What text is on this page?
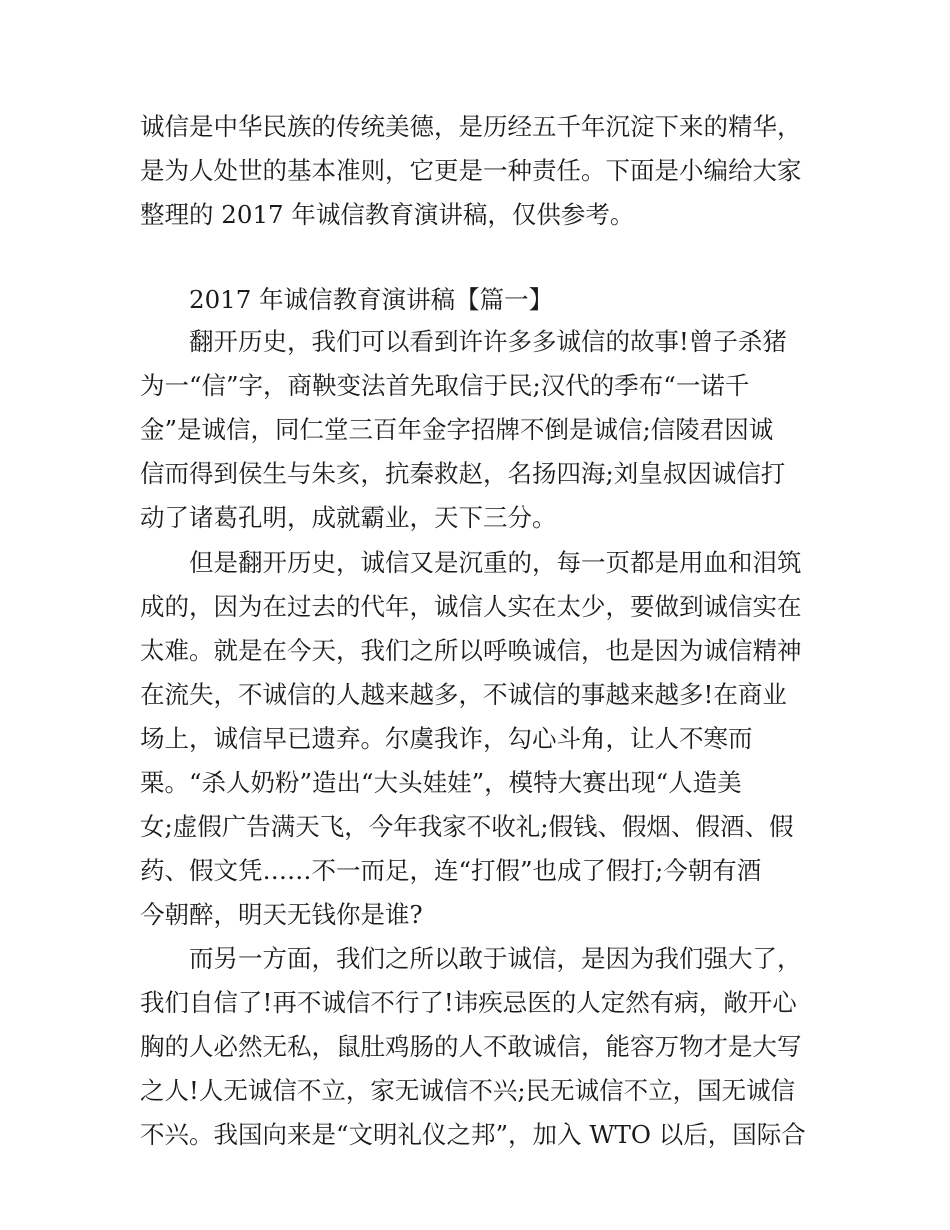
诚信是中华民族的传统美德，是历经五千年沉淀下来的精华，
是为人处世的基本准则，它更是一种责任。下面是小编给大家
整理的 2017 年诚信教育演讲稿，仅供参考。
2017 年诚信教育演讲稿【篇一】
翻开历史，我们可以看到许许多多诚信的故事!曾子杀猪
为一“信”字，商鞅变法首先取信于民;汉代的季布“一诺千
金”是诚信，同仁堂三百年金字招牌不倒是诚信;信陵君因诚
信而得到侯生与朱亥，抗秦救赵，名扬四海;刘皇叔因诚信打
动了诸葛孔明，成就霸业，天下三分。
但是翻开历史，诚信又是沉重的，每一页都是用血和泪筑
成的，因为在过去的代年，诚信人实在太少，要做到诚信实在
太难。就是在今天，我们之所以呼唤诚信，也是因为诚信精神
在流失，不诚信的人越来越多，不诚信的事越来越多!在商业
场上，诚信早已遗弃。尔虞我诈，勾心斗角，让人不寒而
栗。“杀人奶粉”造出“大头娃娃”，模特大赛出现“人造美
女;虚假广告满天飞，今年我家不收礼;假钱、假烟、假酒、假
药、假文凭……不一而足，连“打假”也成了假打;今朝有酒
今朝醉，明天无钱你是谁?
而另一方面，我们之所以敢于诚信，是因为我们强大了，
我们自信了!再不诚信不行了!讳疾忌医的人定然有病，敞开心
胸的人必然无私，鼠肚鸡肠的人不敢诚信，能容万物才是大写
之人!人无诚信不立，家无诚信不兴;民无诚信不立，国无诚信
不兴。我国向来是“文明礼仪之邦”，加入 WTO 以后，国际合
